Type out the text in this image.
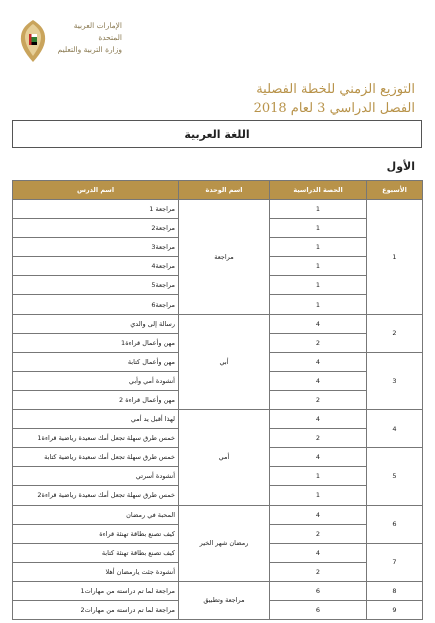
الإمارات العربية المتحدة
وزارة التربية والتعليم
التوزيع الزمني للخطة الفصلية
الفصل الدراسي 3 لعام 2018
اللغة العربية
الأول
الأسبوع	الحصة الدراسية	اسم الوحدة	اسم الدرس
1	1	مراجعة	مراجعة 1
	1		مراجعة2
	1		مراجعة3
	1		مراجعة4
	1		مراجعة5
	1		مراجعة6
2	4	أبي	رسالة إلى والدي
	2		مهن وأعمال قراءة1
3	4		مهن وأعمال كتابة
	4		أنشودة أمي وأبي
	2		مهن وأعمال قراءة 2
4	4	أمي	لهذا أقبل يد أمي
	2		خمس طرق سهلة تجعل أمك سعيدة رياضية قراءة1
5	4		خمس طرق سهلة تجعل أمك سعيدة رياضية كتابة
	1		أنشودة أسرتي
	1		خمس طرق سهلة تجعل أمك سعيدة رياضية قراءة2
6	4	رمضان شهر الخير	المحبة في رمضان
	2		كيف تصنع بطاقة تهنئة قراءة
7	4		كيف تصنع بطاقة تهنئة كتابة
	2		أنشودة جئت يارمضان أهلا
8	6	مراجعة وتطبيق	مراجعة لما تم دراسته من مهارات1
9	6		مراجعة لما تم دراسته من مهارات2
